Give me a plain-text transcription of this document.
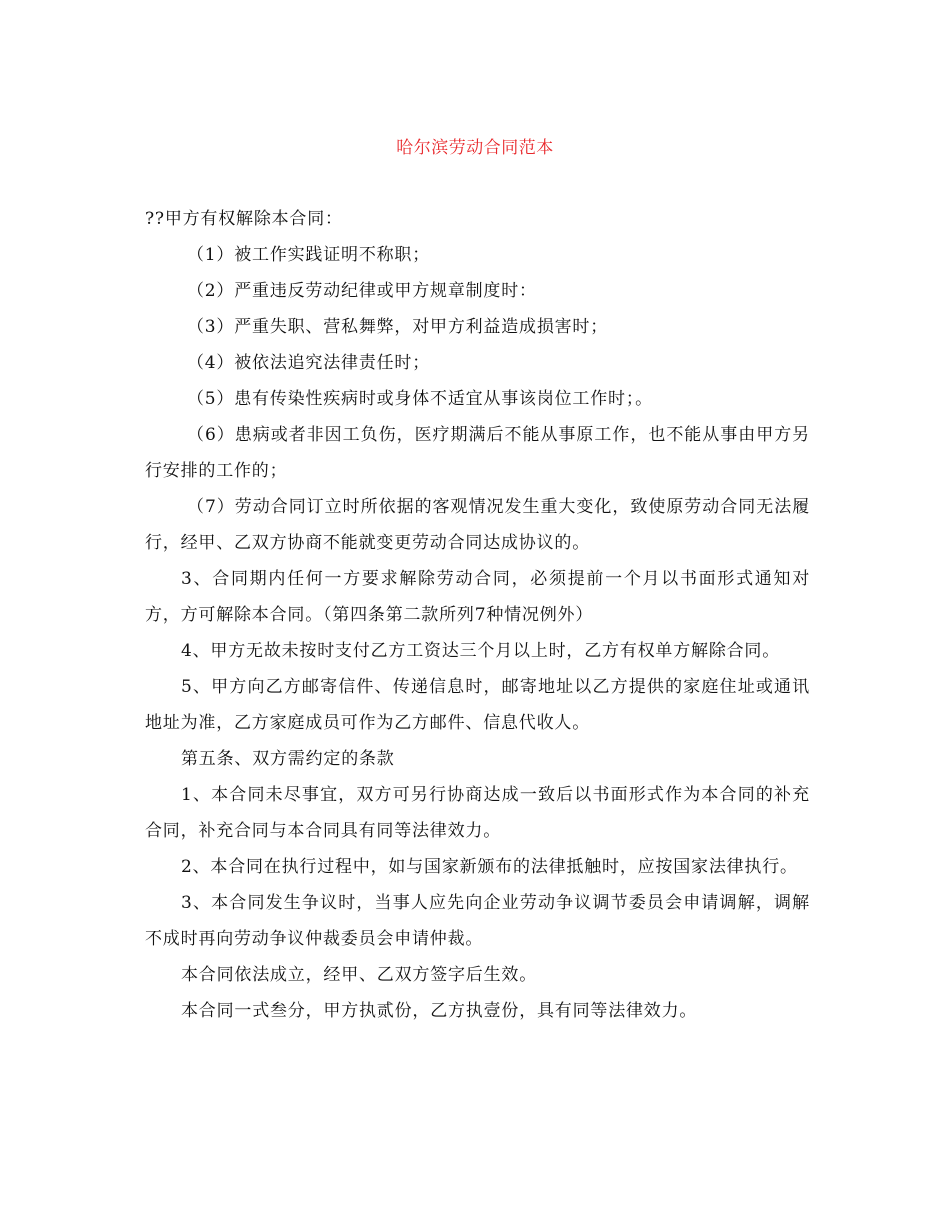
哈尔滨劳动合同范本

??甲方有权解除本合同：

（1）被工作实践证明不称职；

（2）严重违反劳动纪律或甲方规章制度时：

（3）严重失职、营私舞弊，对甲方利益造成损害时；

（4）被依法追究法律责任时；

（5）患有传染性疾病时或身体不适宜从事该岗位工作时；。

（6）患病或者非因工负伤，医疗期满后不能从事原工作，也不能从事由甲方另行安排的工作的；

（7）劳动合同订立时所依据的客观情况发生重大变化，致使原劳动合同无法履行，经甲、乙双方协商不能就变更劳动合同达成协议的。

3、合同期内任何一方要求解除劳动合同，必须提前一个月以书面形式通知对方，方可解除本合同。（第四条第二款所列7种情况例外）

4、甲方无故未按时支付乙方工资达三个月以上时，乙方有权单方解除合同。

5、甲方向乙方邮寄信件、传递信息时，邮寄地址以乙方提供的家庭住址或通讯地址为准，乙方家庭成员可作为乙方邮件、信息代收人。

第五条、双方需约定的条款

1、本合同未尽事宜，双方可另行协商达成一致后以书面形式作为本合同的补充合同，补充合同与本合同具有同等法律效力。

2、本合同在执行过程中，如与国家新颁布的法律抵触时，应按国家法律执行。

3、本合同发生争议时，当事人应先向企业劳动争议调节委员会申请调解，调解不成时再向劳动争议仲裁委员会申请仲裁。

本合同依法成立，经甲、乙双方签字后生效。

本合同一式叁分，甲方执贰份，乙方执壹份，具有同等法律效力。
